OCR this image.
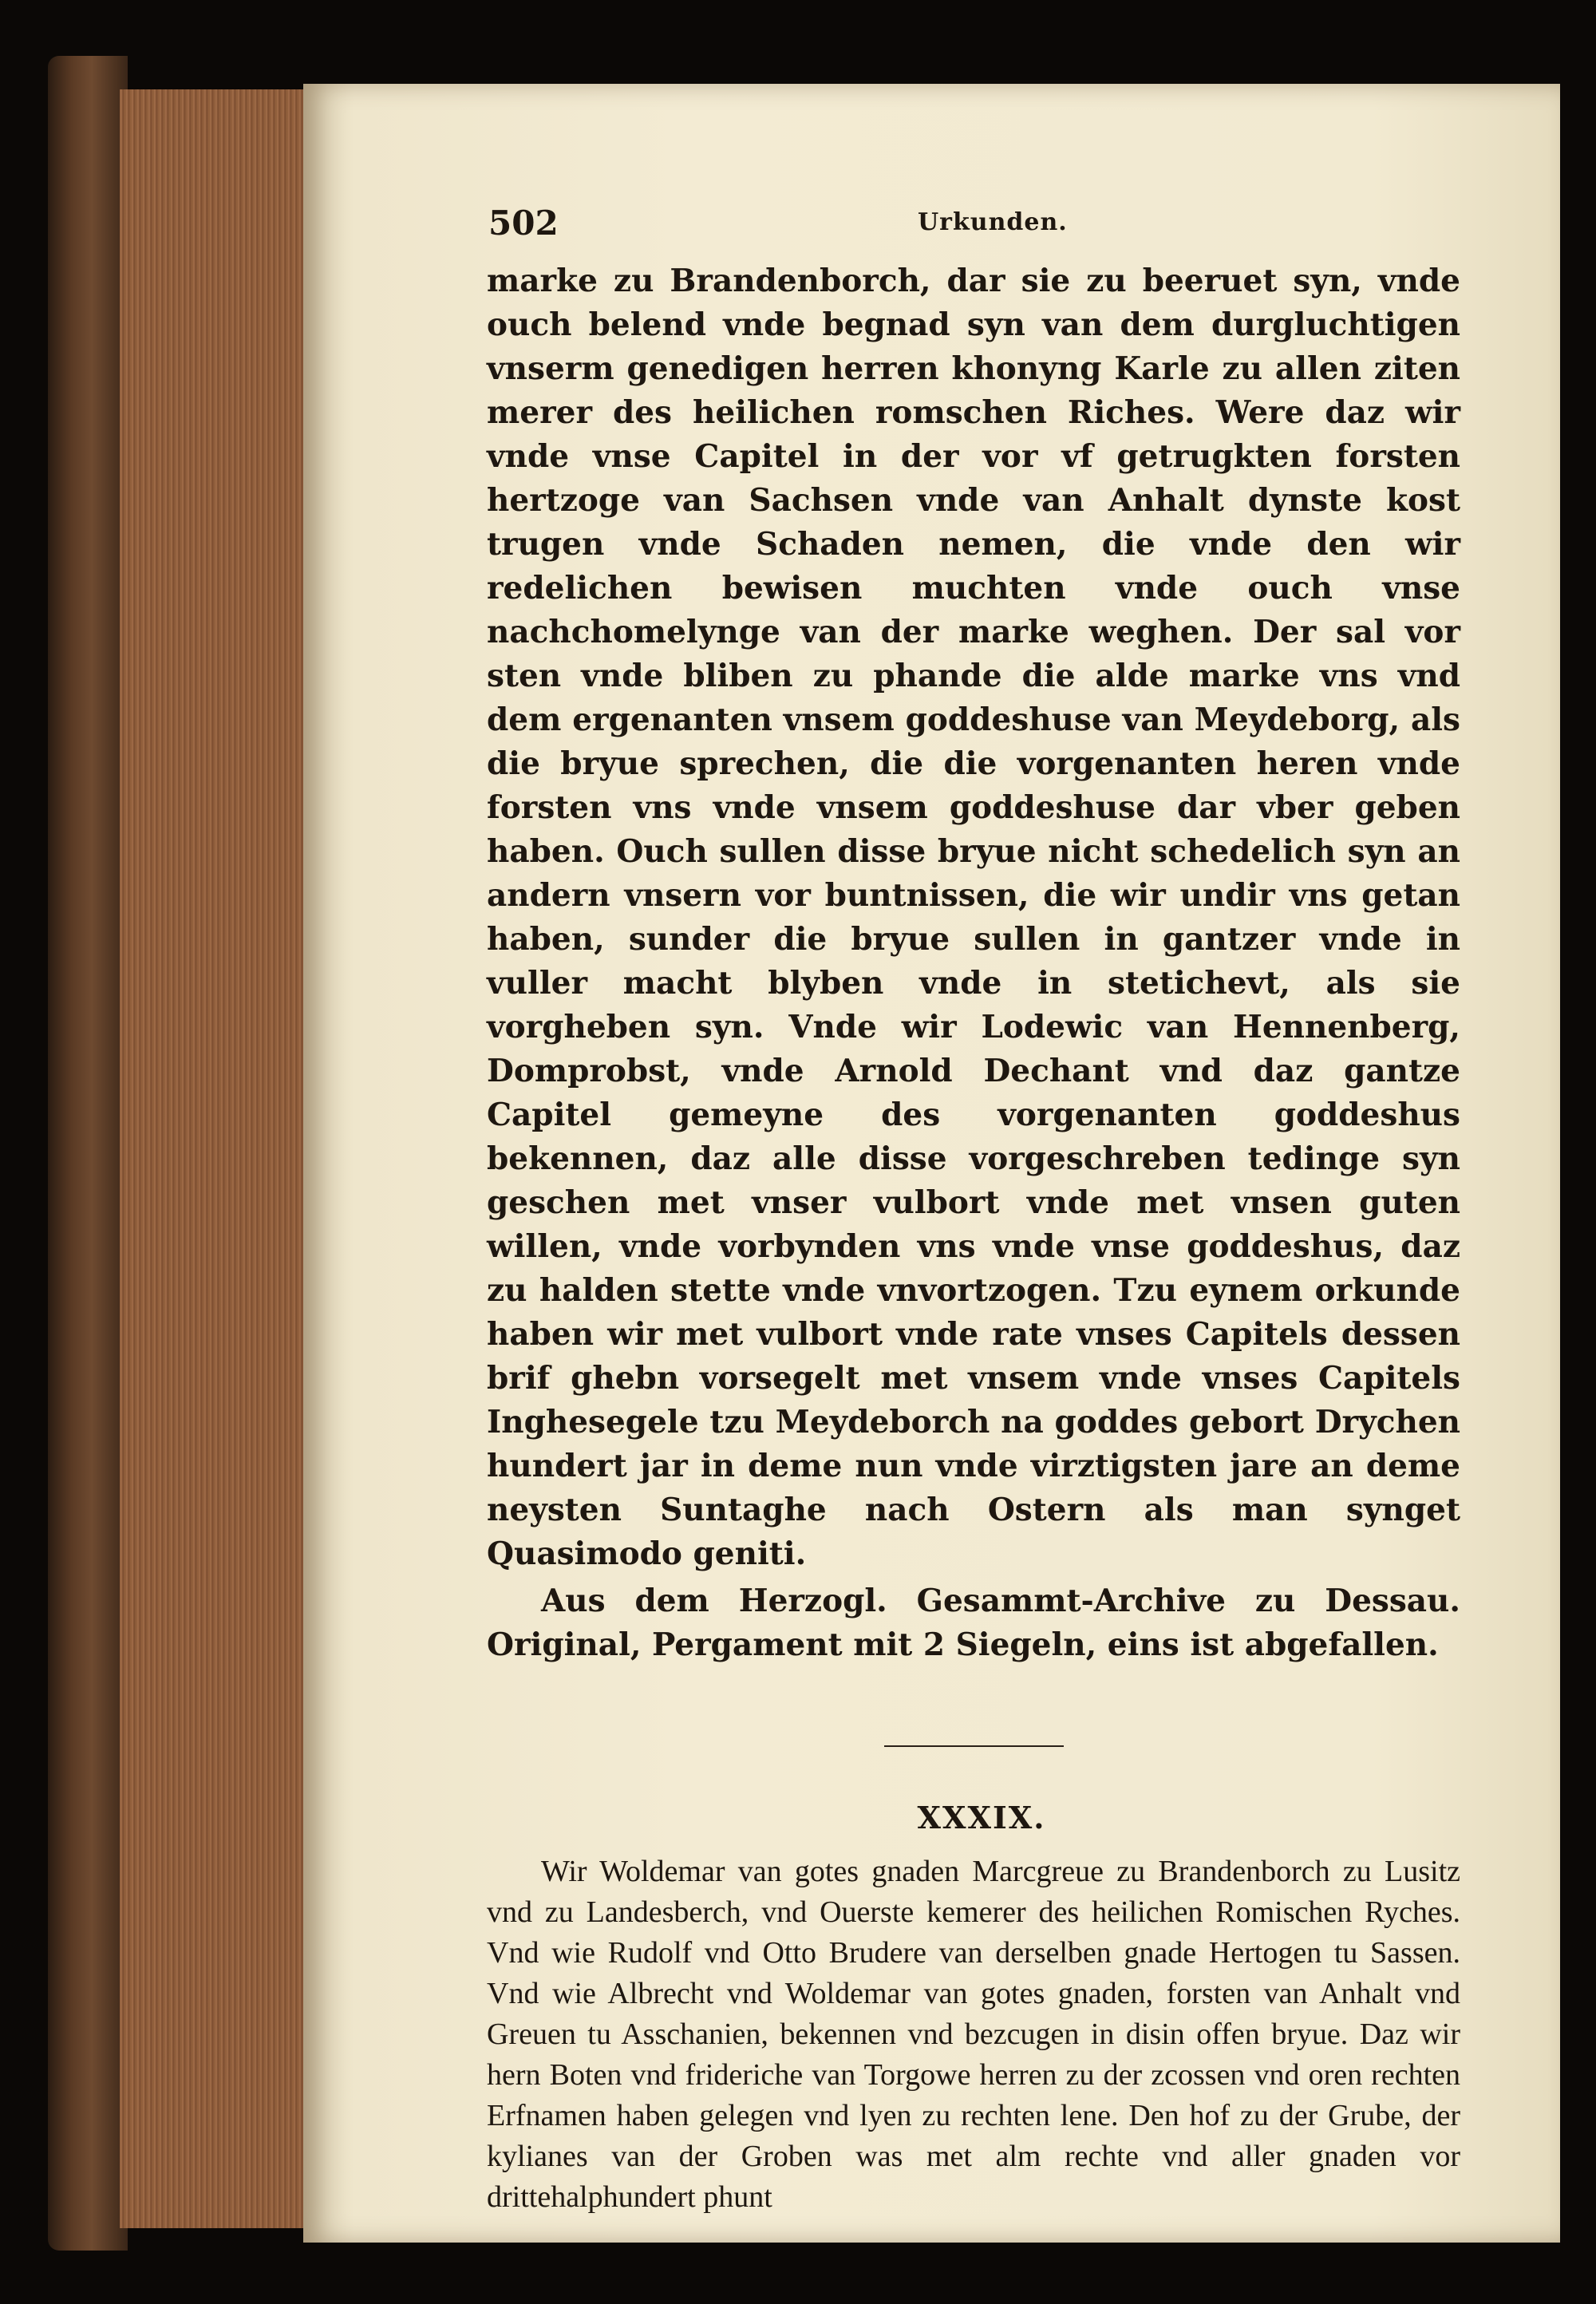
502	Urkunden.

marke zu Brandenborch, dar sie zu beeruet syn, vnde ouch belend vnde begnad syn van dem durgluchtigen vnserm genedigen herren khonyng Karle zu allen ziten merer des heilichen romschen Riches. Were daz wir vnde vnse Capitel in der vor vf getrugkten forsten hertzoge van Sachsen vnde van Anhalt dynste kost trugen vnde Schaden nemen, die vnde den wir redelichen bewisen muchten vnde ouch vnse nachchomelynge van der marke weghen. Der sal vor sten vnde bliben zu phande die alde marke vns vnd dem ergenanten vnsem goddeshuse van Meydeborg, als die bryue sprechen, die die vorgenanten heren vnde forsten vns vnde vnsem goddeshuse dar vber geben haben. Ouch sullen disse bryue nicht schedelich syn an andern vnsern vor buntnissen, die wir undir vns getan haben, sunder die bryue sullen in gantzer vnde in vuller macht blyben vnde in stetichevt, als sie vorgheben syn. Vnde wir Lodewic van Hennenberg, Domprobst, vnde Arnold Dechant vnd daz gantze Capitel gemeyne des vorgenanten goddeshus bekennen, daz alle disse vorgeschreben tedinge syn geschen met vnser vulbort vnde met vnsen guten willen, vnde vorbynden vns vnde vnse goddeshus, daz zu halden stette vnde vnvortzogen. Tzu eynem orkunde haben wir met vulbort vnde rate vnses Capitels dessen brif ghebn vorsegelt met vnsem vnde vnses Capitels Inghesegele tzu Meydeborch na goddes gebort Drychen hundert jar in deme nun vnde virztigsten jare an deme neysten Suntaghe nach Ostern als man synget Quasimodo geniti.

Aus dem Herzogl. Gesammt-Archive zu Dessau. Original, Pergament mit 2 Siegeln, eins ist abgefallen.

XXXIX.

Wir Woldemar van gotes gnaden Marcgreue zu Brandenborch zu Lusitz vnd zu Landesberch, vnd Ouerste kemerer des heilichen Romischen Ryches. Vnd wie Rudolf vnd Otto Brudere van derselben gnade Hertogen tu Sassen. Vnd wie Albrecht vnd Woldemar van gotes gnaden, forsten van Anhalt vnd Greuen tu Asschanien, bekennen vnd bezcugen in disin offen bryue. Daz wir hern Boten vnd frideriche van Torgowe herren zu der zcossen vnd oren rechten Erfnamen haben gelegen vnd lyen zu rechten lene. Den hof zu der Grube, der kylianes van der Groben was met alm rechte vnd aller gnaden vor drittehalphundert phunt
